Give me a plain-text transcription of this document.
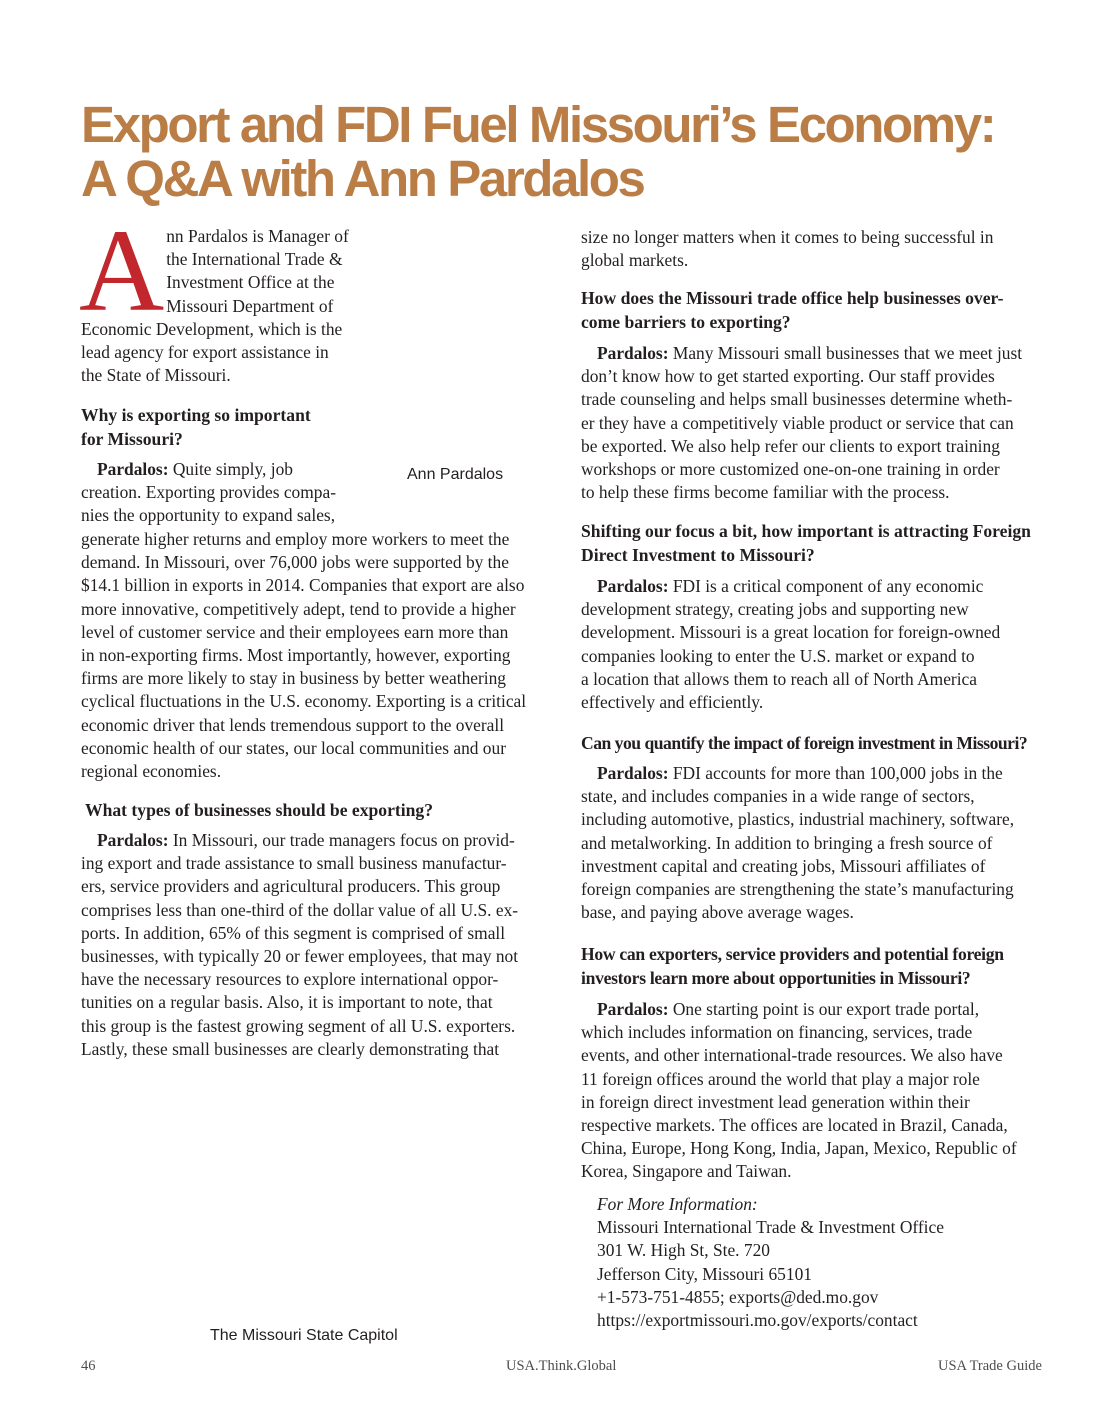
Export and FDI Fuel Missouri’s Economy:
A Q&A with Ann Pardalos
A nn Pardalos is Manager of

the International Trade &

Investment Office at the

Missouri Department of

Economic Development, which is the

lead agency for export assistance in

the State of Missouri.

Why is exporting so important

for Missouri?

Pardalos: Quite simply, job

creation. Exporting provides compa-

nies the opportunity to expand sales,

Ann Pardalos

generate higher returns and employ more workers to meet the

demand. In Missouri, over 76,000 jobs were supported by the

$14.1 billion in exports in 2014. Companies that export are also

more innovative, competitively adept, tend to provide a higher

level of customer service and their employees earn more than

in non-exporting firms. Most importantly, however, exporting

firms are more likely to stay in business by better weathering

cyclical fluctuations in the U.S. economy. Exporting is a critical

economic driver that lends tremendous support to the overall

economic health of our states, our local communities and our

regional economies.

What types of businesses should be exporting?

Pardalos: In Missouri, our trade managers focus on provid-

ing export and trade assistance to small business manufactur-

ers, service providers and agricultural producers. This group

comprises less than one-third of the dollar value of all U.S. ex-

ports. In addition, 65% of this segment is comprised of small

businesses, with typically 20 or fewer employees, that may not

have the necessary resources to explore international oppor-

tunities on a regular basis. Also, it is important to note, that

this group is the fastest growing segment of all U.S. exporters.

Lastly, these small businesses are clearly demonstrating that

The Missouri State Capitol

size no longer matters when it comes to being successful in

global markets.

How does the Missouri trade office help businesses over-

come barriers to exporting?

Pardalos: Many Missouri small businesses that we meet just

don’t know how to get started exporting. Our staff provides

trade counseling and helps small businesses determine wheth-

er they have a competitively viable product or service that can

be exported. We also help refer our clients to export training

workshops or more customized one-on-one training in order

to help these firms become familiar with the process.

Shifting our focus a bit, how important is attracting Foreign

Direct Investment to Missouri?

Pardalos: FDI is a critical component of any economic

development strategy, creating jobs and supporting new

development. Missouri is a great location for foreign-owned

companies looking to enter the U.S. market or expand to

a location that allows them to reach all of North America

effectively and efficiently.

Can you quantify the impact of foreign investment in Missouri?

Pardalos: FDI accounts for more than 100,000 jobs in the

state, and includes companies in a wide range of sectors,

including automotive, plastics, industrial machinery, software,

and metalworking. In addition to bringing a fresh source of

investment capital and creating jobs, Missouri affiliates of

foreign companies are strengthening the state’s manufacturing

base, and paying above average wages.

How can exporters, service providers and potential foreign

investors learn more about opportunities in Missouri?

Pardalos: One starting point is our export trade portal,

which includes information on financing, services, trade

events, and other international-trade resources. We also have

11 foreign offices around the world that play a major role

in foreign direct investment lead generation within their

respective markets. The offices are located in Brazil, Canada,

China, Europe, Hong Kong, India, Japan, Mexico, Republic of

Korea, Singapore and Taiwan.

For More Information:

Missouri International Trade & Investment Office

301 W. High St, Ste. 720

Jefferson City, Missouri 65101

+1-573-751-4855; exports@ded.mo.gov

https://exportmissouri.mo.gov/exports/contact

46	USA.Think.Global	USA Trade Guide
